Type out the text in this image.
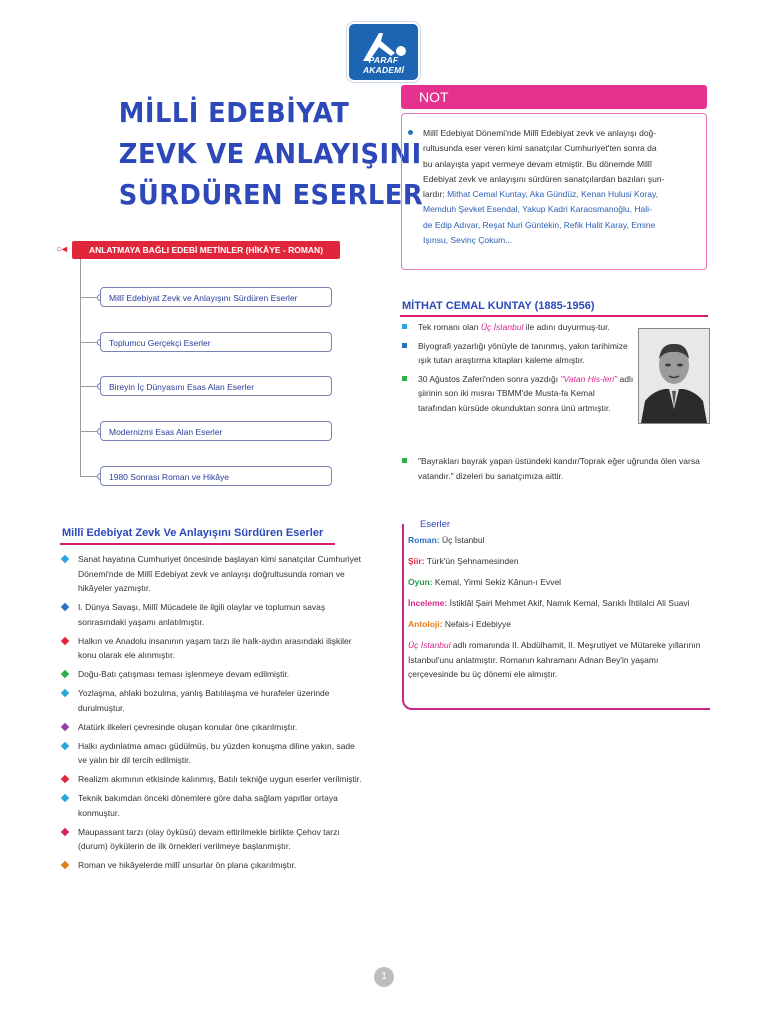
PARAF AKADEMİ
MİLLİ EDEBİYAT
ZEVK VE ANLAYIŞINI
SÜRDÜREN ESERLER
○◂	ANLATMAYA BAĞLI EDEBİ METİNLER (HİKÂYE - ROMAN)
Millî Edebiyat Zevk ve Anlayışını Sürdüren Eserler
Toplumcu Gerçekçi Eserler
Bireyin İç Dünyasını Esas Alan Eserler
Modernizmi Esas Alan Eserler
1980 Sonrası Roman ve Hikâye
Millî Edebiyat Zevk Ve Anlayışını Sürdüren Eserler
Sanat hayatına Cumhuriyet öncesinde başlayan kimi sanatçılar Cumhuriyet Dönemi'nde de Millî Edebiyat zevk ve anlayışı doğrultusunda roman ve hikâyeler yazmıştır.
I. Dünya Savaşı, Millî Mücadele ile ilgili olaylar ve toplumun savaş sonrasındaki yaşamı anlatılmıştır.
Halkın ve Anadolu insanının yaşam tarzı ile halk-aydın arasındaki ilişkiler konu olarak ele alınmıştır.
Doğu-Batı çatışması teması işlenmeye devam edilmiştir.
Yozlaşma, ahlaki bozulma, yanlış Batılılaşma ve hurafeler üzerinde durulmuştur.
Atatürk ilkeleri çevresinde oluşan konular öne çıkarılmıştır.
Halkı aydınlatma amacı güdülmüş, bu yüzden konuşma diline yakın, sade ve yalın bir dil tercih edilmiştir.
Realizm akımının etkisinde kalınmış, Batılı tekniğe uygun eserler verilmiştir.
Teknik bakımdan önceki dönemlere göre daha sağlam yapıtlar ortaya konmuştur.
Maupassant tarzı (olay öyküsü) devam ettirilmekle birlikte Çehov tarzı (durum) öykülerin de ilk örnekleri verilmeye başlanmıştır.
Roman ve hikâyelerde millî unsurlar ön plana çıkarılmıştır.
NOT
Millî Edebiyat Dönemi'nde Millî Edebiyat zevk ve anlayışı doğ-
rultusunda eser veren kimi sanatçılar Cumhuriyet'ten sonra da
bu anlayışta yapıt vermeye devam etmiştir. Bu dönemde Millî
Edebiyat zevk ve anlayışını sürdüren sanatçılardan bazıları şun-
lardır: Mithat Cemal Kuntay, Aka Gündüz, Kenan Hulusi Koray,
Memduh Şevket Esendal, Yakup Kadri Karaosmanoğlu, Hali-
de Edip Adıvar, Reşat Nuri Güntekin, Refik Halit Karay, Emine
Işınsu, Sevinç Çokum...
MİTHAT CEMAL KUNTAY (1885-1956)
Tek romanı olan Üç İstanbul ile adını duyurmuş-tur.
Biyografi yazarlığı yönüyle de tanınmış, yakın tarihimize ışık tutan araştırma kitapları kaleme almıştır.
30 Ağustos Zaferi'nden sonra yazdığı "Vatan His-leri" adlı şiirinin son iki mısraı TBMM'de Musta-fa Kemal tarafından kürsüde okunduktan sonra ünü artmıştır.
"Bayrakları bayrak yapan üstündeki kandır/Toprak eğer uğrunda ölen varsa vatandır." dizeleri bu sanatçımıza aittir.
Eserler

Roman: Üç İstanbul

Şiir: Türk'ün Şehnamesinden

Oyun: Kemal, Yirmi Sekiz Kânun-ı Evvel

İnceleme: İstiklâl Şairi Mehmet Akif, Namık Kemal, Sarıklı İhtilalci Ali Suavi

Antoloji: Nefais-i Edebiyye

Üç İstanbul adlı romanında II. Abdülhamit, II. Meşrutiyet ve Mütareke yıllarının İstanbul'unu anlatmıştır. Romanın kahramanı Adnan Bey'in yaşamı çerçevesinde bu üç dönemi ele almıştır.

1
